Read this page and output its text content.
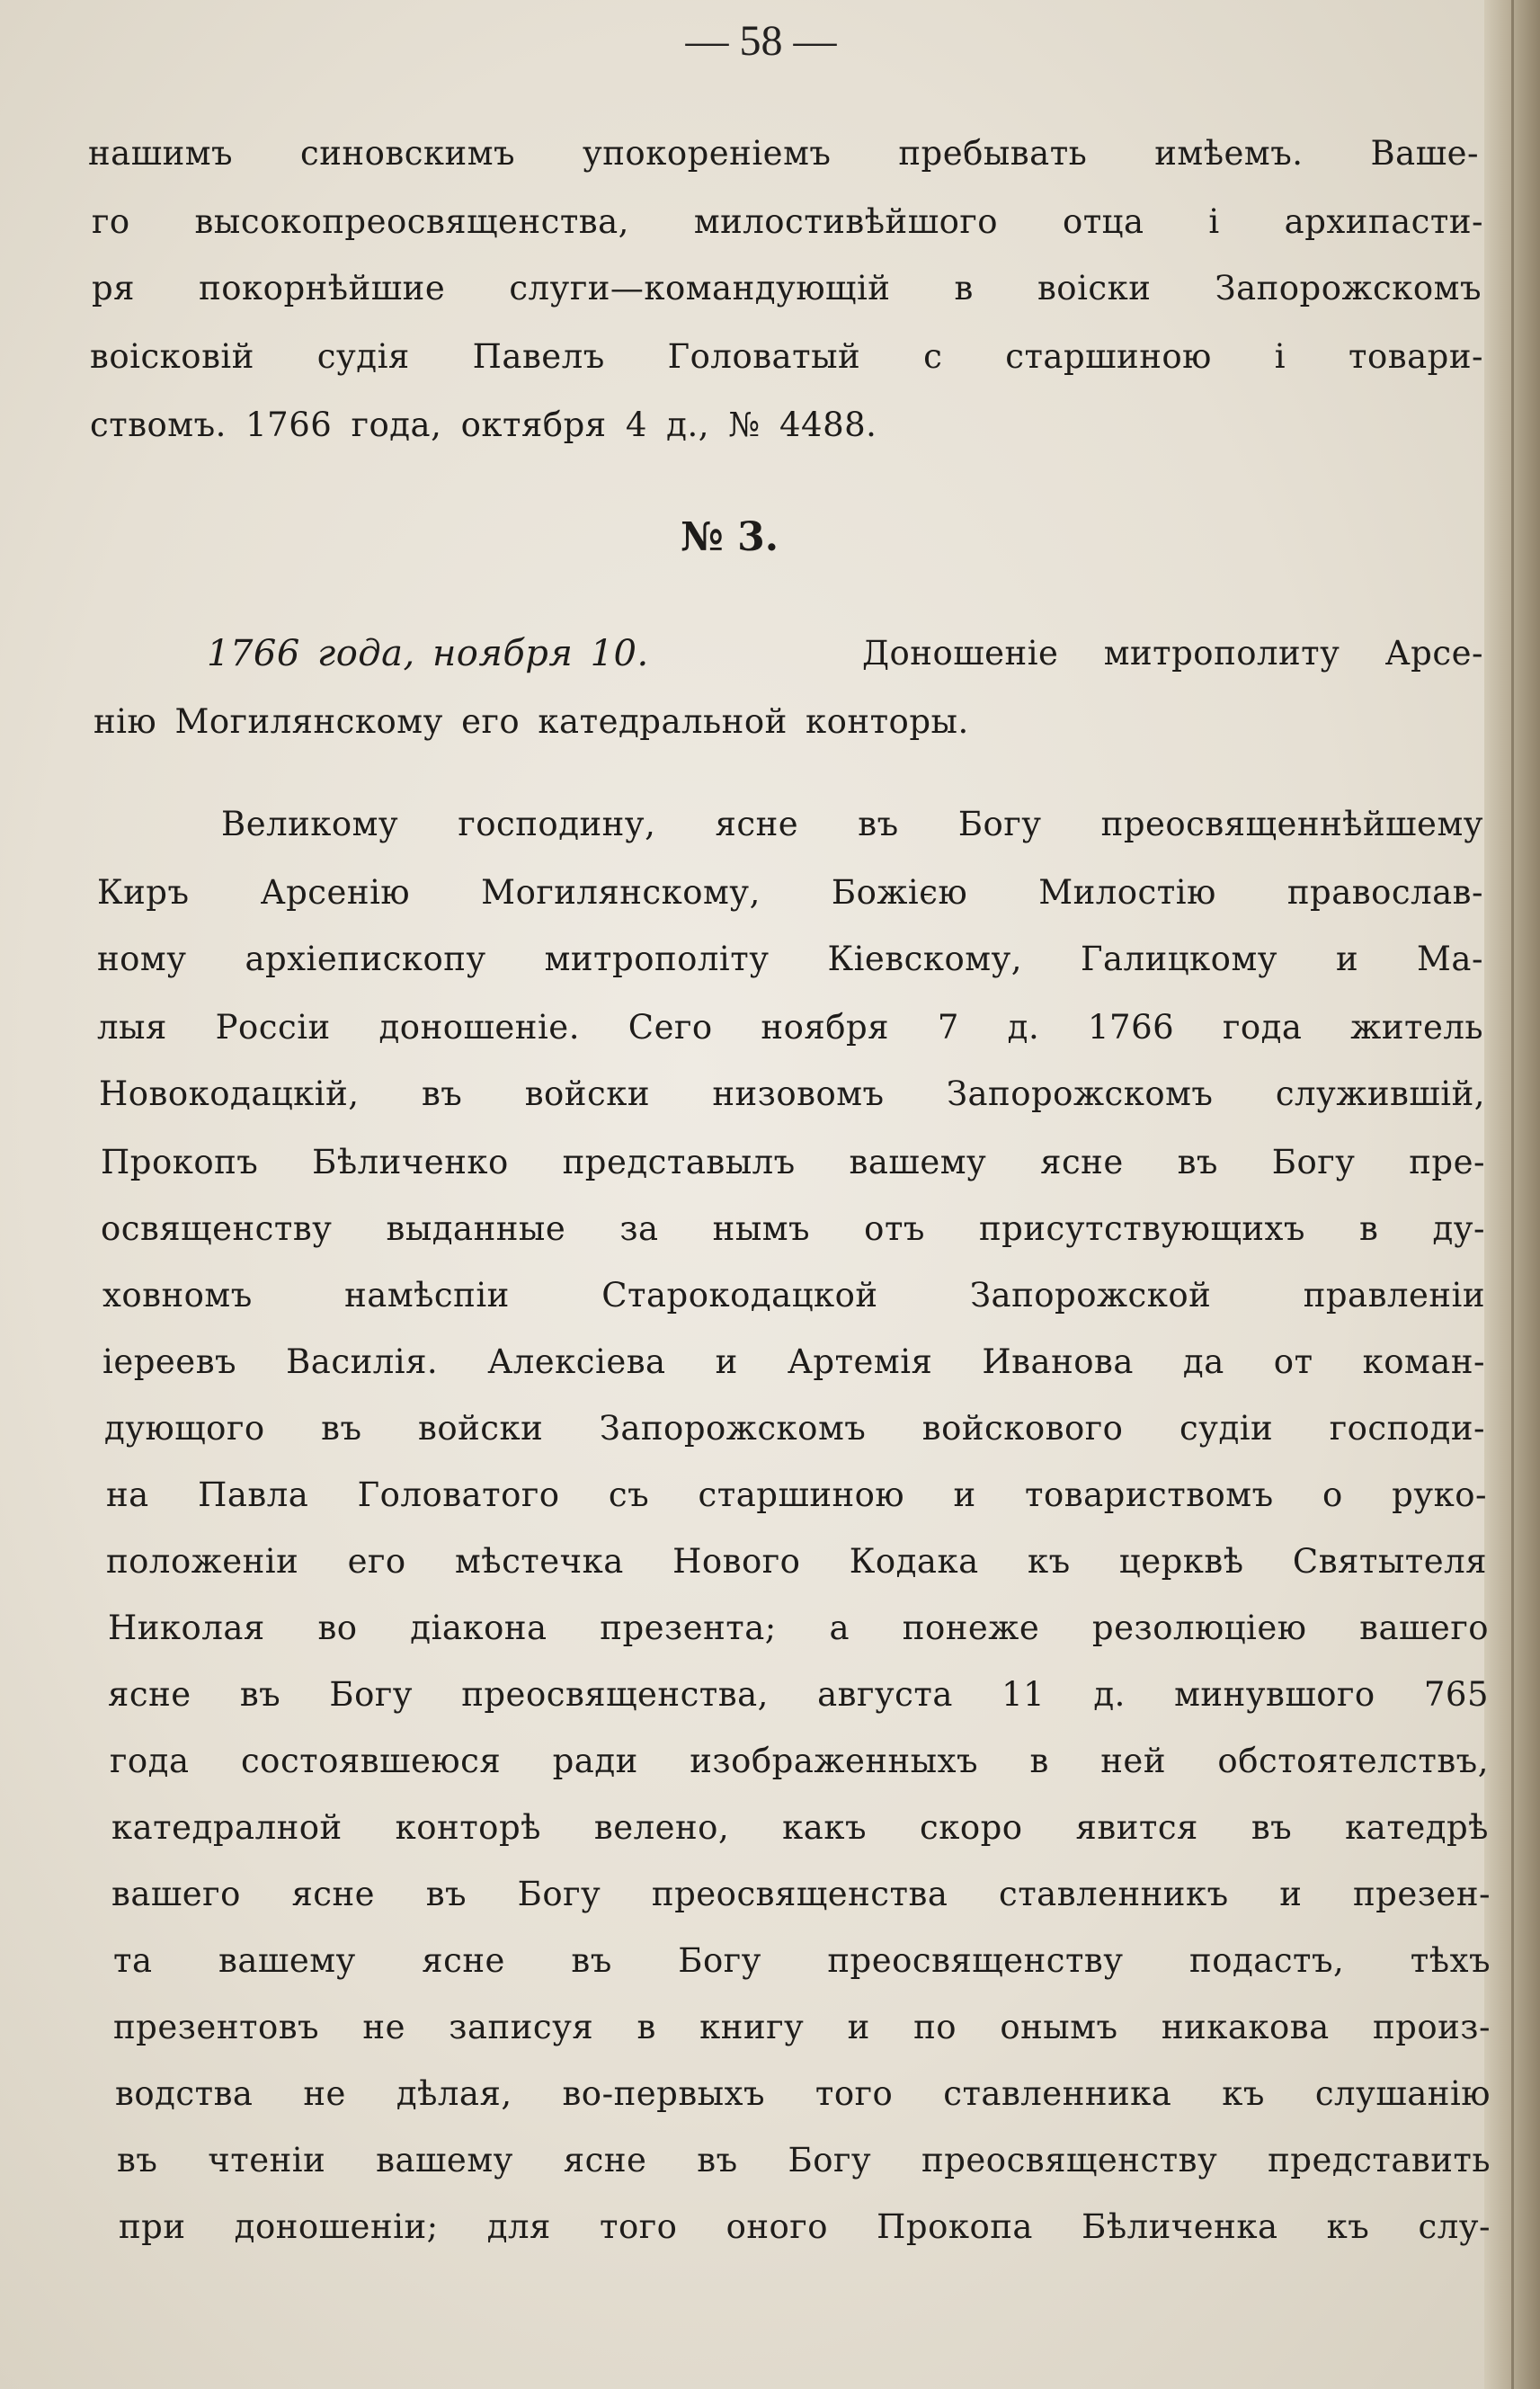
— 58 —
нашимъ синовскимъ упокореніемъ пребывать имѣемъ. Ваше-
го высокопреосвященства, милостивѣйшого отца і архипасти-
ря покорнѣйшие слуги—командующій в воіски Запорожскомъ
воісковій судія Павелъ Головатый с старшиною і товари-
ствомъ. 1766 года, октября 4 д., № 4488.
№ 3.
1766 года, ноября 10.	Доношеніе митрополиту Арсе-
нію Могилянскому его катедральной конторы.
Великому господину, ясне въ Богу преосвященнѣйшему
Киръ Арсенію Могилянскому, Божією Милостію православ-
ному архіепископу митрополіту Кіевскому, Галицкому и Ма-
лыя Россіи доношеніе. Сего ноября 7 д. 1766 года житель
Новокодацкій, въ войски низовомъ Запорожскомъ служившій,
Прокопъ Бѣличенко представылъ вашему ясне въ Богу пре-
освященству выданные за нымъ отъ присутствующихъ в ду-
ховномъ намѣспіи Старокодацкой Запорожской правленіи
іереевъ Василія. Алексіева и Артемія Иванова да от коман-
дующого въ войски Запорожскомъ войскового судіи господи-
на Павла Головатого съ старшиною и товариствомъ о руко-
положеніи его мѣстечка Нового Кодака къ церквѣ Святытеля
Николая во діакона презента; а понеже резолюціею вашего
ясне въ Богу преосвященства, августа 11 д. минувшого 765
года состоявшеюся ради изображенныхъ в ней обстоятелствъ,
катедралной конторѣ велено, какъ скоро явится въ катедрѣ
вашего ясне въ Богу преосвященства ставленникъ и презен-
та вашему ясне въ Богу преосвященству подастъ, тѣхъ
презентовъ не записуя в книгу и по онымъ никакова произ-
водства не дѣлая, во-первыхъ того ставленника къ слушанію
въ чтеніи вашему ясне въ Богу преосвященству представить
при доношеніи; для того оного Прокопа Бѣличенка къ слу-
